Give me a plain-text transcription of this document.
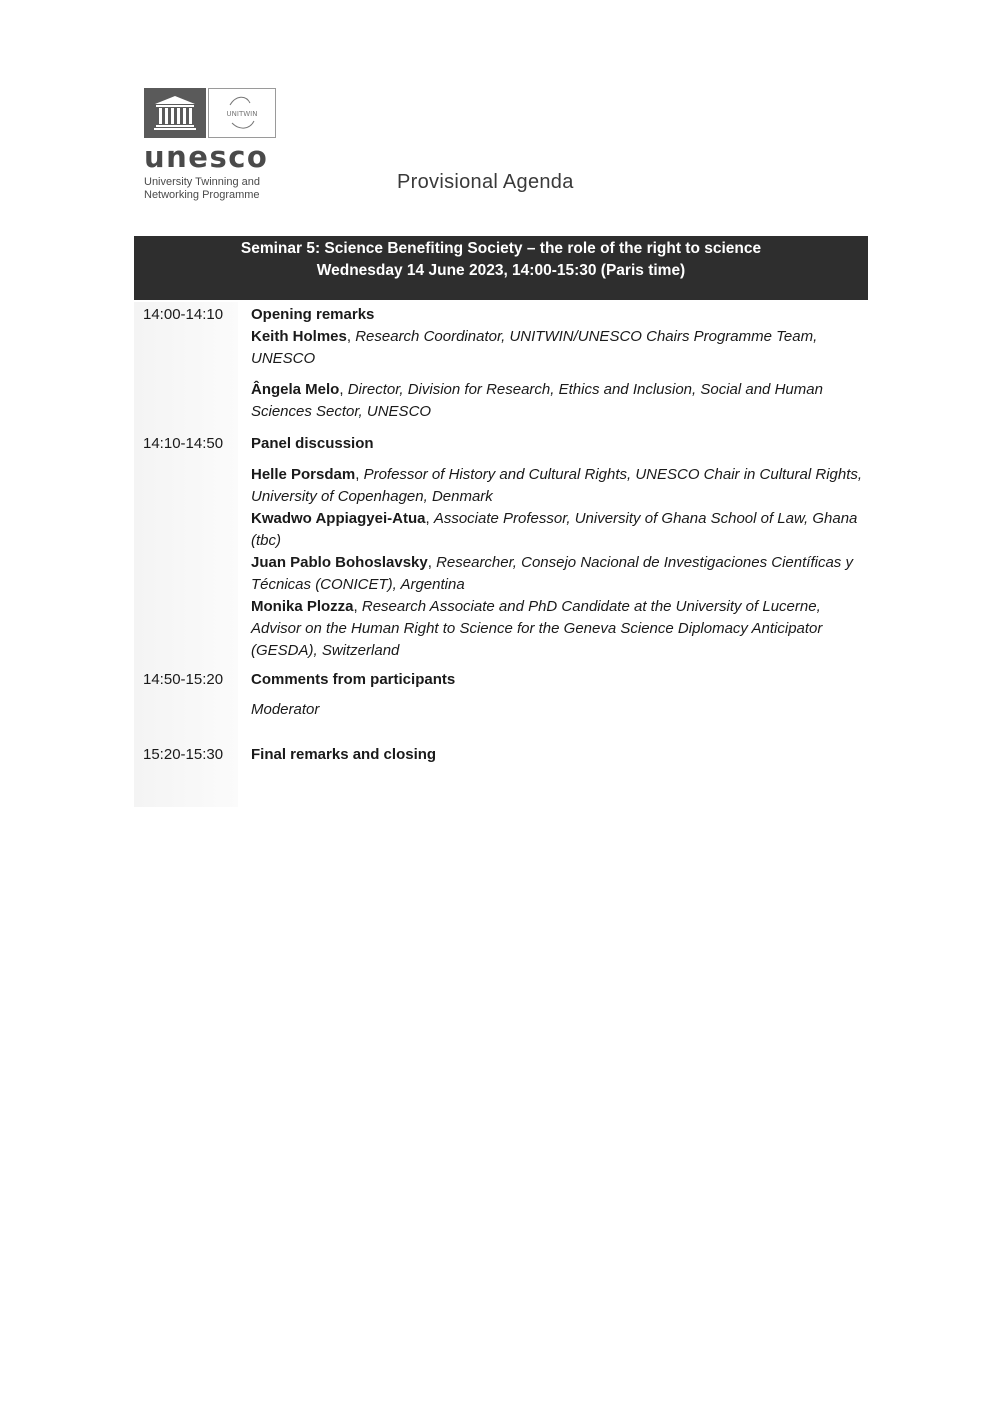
UNITWIN
unesco
University Twinning and
Networking Programme
Provisional Agenda
Seminar 5: Science Benefiting Society – the role of the right to science
Wednesday 14 June 2023, 14:00-15:30 (Paris time)
14:00-14:10 Opening remarks

Keith Holmes, Research Coordinator, UNITWIN/UNESCO Chairs Programme Team, UNESCO

Ângela Melo, Director, Division for Research, Ethics and Inclusion, Social and Human Sciences Sector, UNESCO

14:10-14:50 Panel discussion

Helle Porsdam, Professor of History and Cultural Rights, UNESCO Chair in Cultural Rights, University of Copenhagen, Denmark

Kwadwo Appiagyei-Atua, Associate Professor, University of Ghana School of Law, Ghana (tbc)

Juan Pablo Bohoslavsky, Researcher, Consejo Nacional de Investigaciones Científicas y Técnicas (CONICET), Argentina

Monika Plozza, Research Associate and PhD Candidate at the University of Lucerne, Advisor on the Human Right to Science for the Geneva Science Diplomacy Anticipator (GESDA), Switzerland

14:50-15:20 Comments from participants

Moderator

15:20-15:30 Final remarks and closing
